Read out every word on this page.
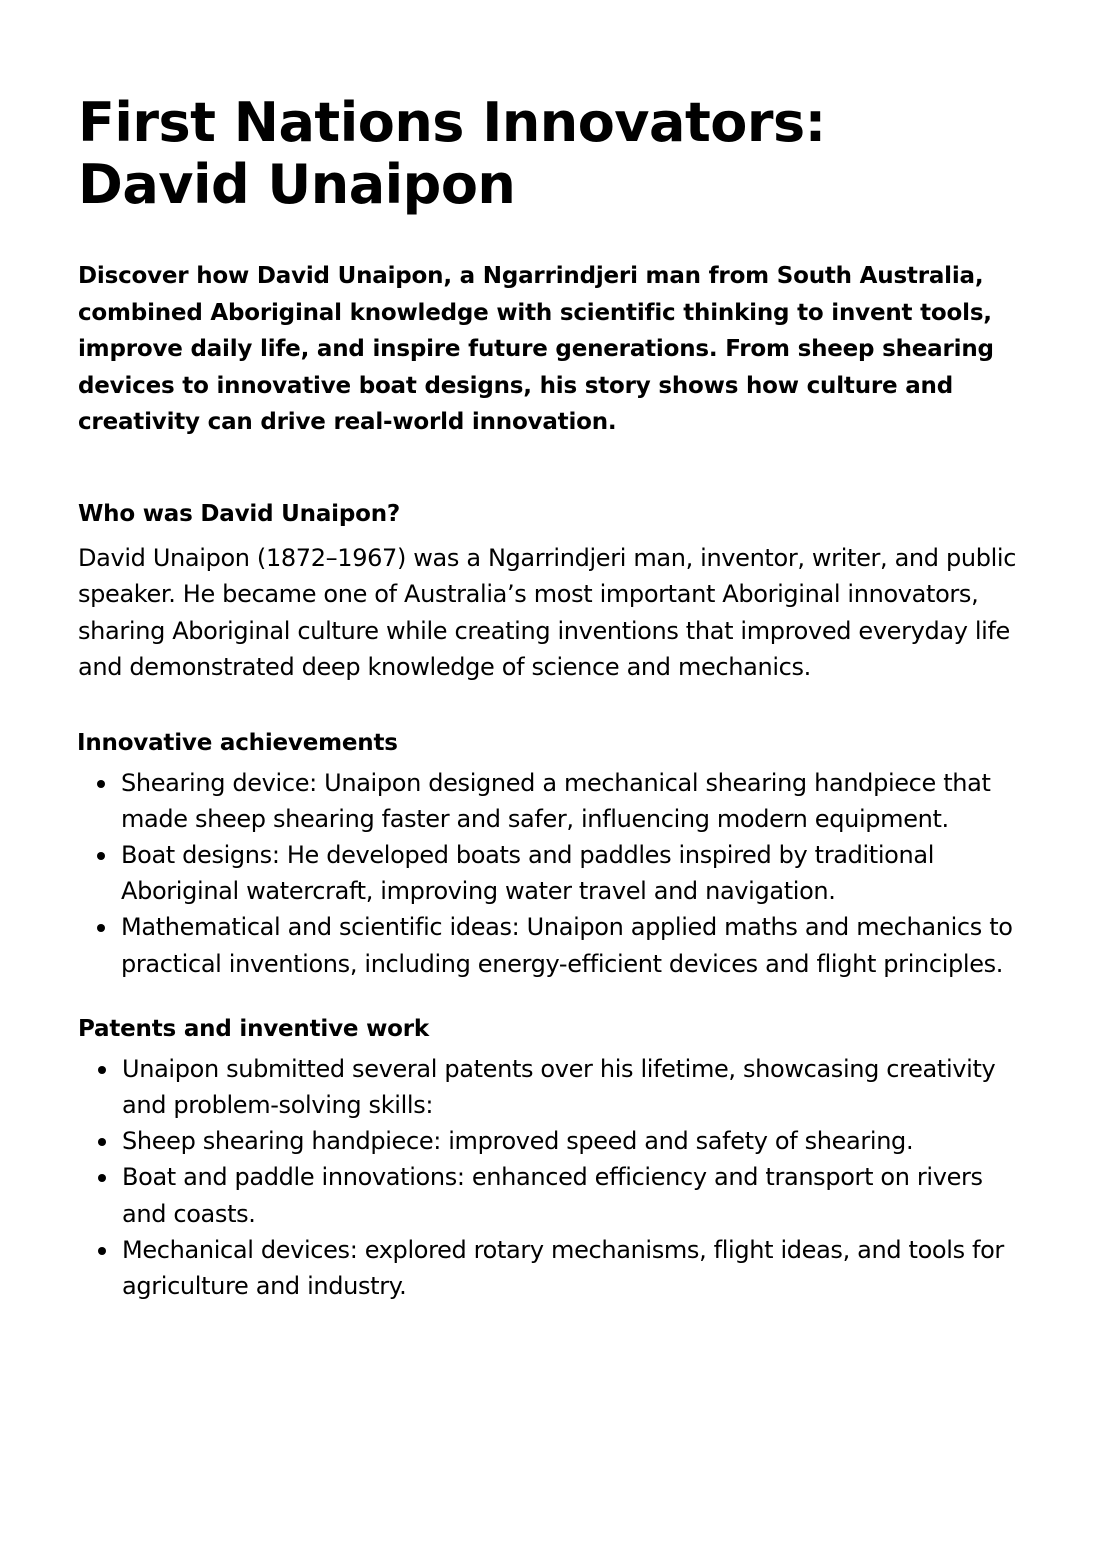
First Nations Innovators:
David Unaipon

Discover how David Unaipon, a Ngarrindjeri man from South Australia, combined Aboriginal knowledge with scientific thinking to invent tools, improve daily life, and inspire future generations. From sheep shearing devices to innovative boat designs, his story shows how culture and creativity can drive real-world innovation.

Who was David Unaipon?

David Unaipon (1872–1967) was a Ngarrindjeri man, inventor, writer, and public speaker. He became one of Australia’s most important Aboriginal innovators, sharing Aboriginal culture while creating inventions that improved everyday life and demonstrated deep knowledge of science and mechanics.

Innovative achievements
Shearing device: Unaipon designed a mechanical shearing handpiece that made sheep shearing faster and safer, influencing modern equipment.
Boat designs: He developed boats and paddles inspired by traditional Aboriginal watercraft, improving water travel and navigation.
Mathematical and scientific ideas: Unaipon applied maths and mechanics to practical inventions, including energy-efficient devices and flight principles.
Patents and inventive work
Unaipon submitted several patents over his lifetime, showcasing creativity and problem-solving skills:
Sheep shearing handpiece: improved speed and safety of shearing.
Boat and paddle innovations: enhanced efficiency and transport on rivers and coasts.
Mechanical devices: explored rotary mechanisms, flight ideas, and tools for agriculture and industry.
